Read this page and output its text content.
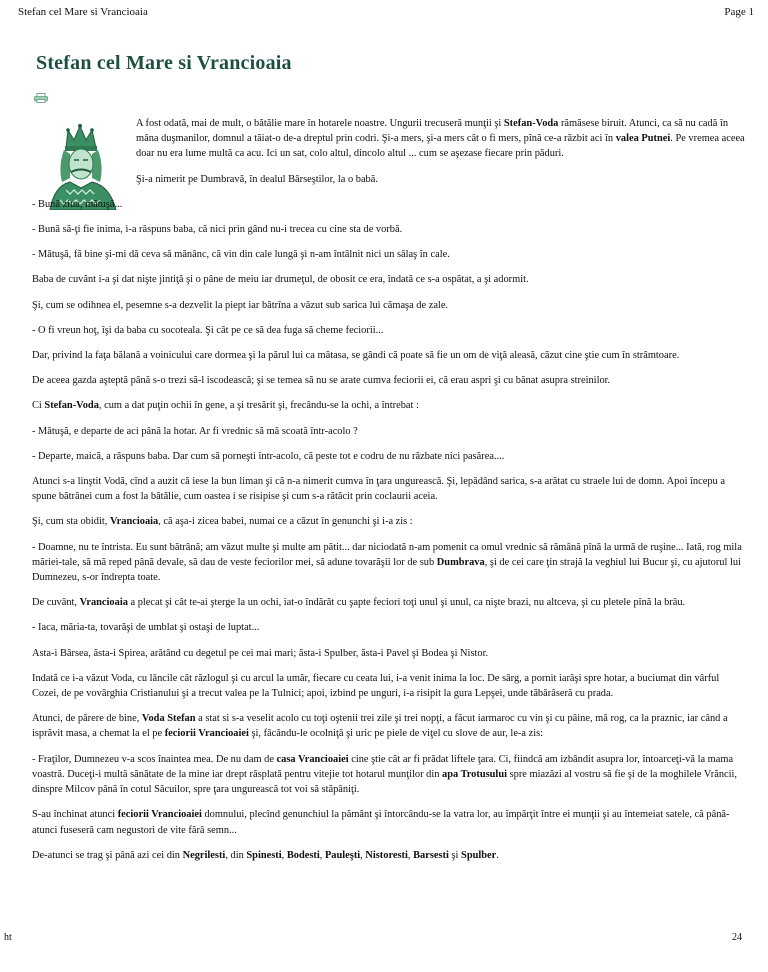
Stefan cel Mare si Vrancioaia	Page 1
Stefan cel Mare si Vrancioaia

A fost odată, mai de mult, o bătălie mare în hotarele noastre. Ungurii trecuseră munţii şi Stefan-Voda rămăsese biruit. Atunci, ca să nu cadă în mâna duşmanilor, domnul a tăiat-o de-a dreptul prin codri. Şi-a mers, şi-a mers cât o fi mers, pînă ce-a răzbit aci în valea Putnei. Pe vremea aceea doar nu era lume multă ca acu. Ici un sat, colo altul, dincolo altul ... cum se aşezase fiecare prin păduri.

Şi-a nimerit pe Dumbravă, în dealul Bârseştilor, la o babă.

- Bună ziua, mătuşă...

- Bună să-ţi fie inima, i-a răspuns baba, că nici prin gând nu-i trecea cu cine sta de vorbă.

- Mătuşă, fă bine şi-mi dă ceva să mănânc, că vin din cale lungă şi n-am întâlnit nici un sălaş în cale.

Baba de cuvânt i-a şi dat nişte jintiţă şi o pâne de meiu iar drumeţul, de obosit ce era, îndată ce s-a ospătat, a şi adormit.

Şi, cum se odihnea el, pesemne s-a dezvelit la piept iar bătrîna a văzut sub sarica lui cămaşa de zale.

- O fi vreun hoţ, îşi da baba cu socoteala. Şi cât pe ce să dea fuga să cheme feciorii...

Dar, privind la faţa bălană a voinicului care dormea şi la părul lui ca mătasa, se gândi că poate să fie un om de viţă aleasă, căzut cine ştie cum în strâmtoare.

De aceea gazda aşteptă până s-o trezi să-l iscodească; şi se temea să nu se arate cumva feciorii ei, că erau aspri şi cu bănat asupra streinilor.

Ci Stefan-Voda, cum a dat puţin ochii în gene, a şi tresărit şi, frecându-se la ochi, a întrebat :

- Mătuşă, e departe de aci până la hotar. Ar fi vrednic să mă scoată într-acolo ?

- Departe, maică, a răspuns baba. Dar cum să porneşti într-acolo, că peste tot e codru de nu răzbate nici pasărea....

Atunci s-a linştit Vodă, cînd a auzit că iese la bun liman şi că n-a nimerit cumva în ţara ungurească. Şi, lepădând sarica, s-a arătat cu straele lui de domn. Apoi începu a spune bătrânei cum a fost la bătălie, cum oastea i se risipise şi cum s-a rătăcit prin coclaurii aceia.

Şi, cum sta obidit, Vrancioaia, că aşa-i zicea babei, numai ce a căzut în genunchi şi i-a zis :

- Doamne, nu te întrista. Eu sunt bătrână; am văzut multe şi multe am pătit... dar niciodată n-am pomenit ca omul vrednic să rămână pînă la urmă de ruşine... Iată, rog mila măriei-tale, să mă reped până devale, să dau de veste feciorilor mei, să adune tovarăşii lor de sub Dumbrava, şi de cei care ţin strajă la veghiul lui Bucur şi, cu ajutorul lui Dumnezeu, s-or îndrepta toate.

De cuvânt, Vrancioaia a plecat şi cât te-ai şterge la un ochi, iat-o îndărăt cu şapte feciori toţi unul şi unul, ca nişte brazi, nu altceva, şi cu pletele pînă la brâu.

- Iaca, măria-ta, tovarăşi de umblat şi ostaşi de luptat...

Asta-i Bârsea, ăsta-i Spirea, arătând cu degetul pe cei mai mari; ăsta-i Spulber, ăsta-i Pavel şi Bodea şi Nistor.

Indată ce i-a văzut Voda, cu lăncile cât răzlogul şi cu arcul la umăr, fiecare cu ceata lui, i-a venit inima la loc. De sârg, a pornit iarăşi spre hotar, a buciumat din vârful Cozei, de pe vovârghia Cristianului şi a trecut valea pe la Tulnici; apoi, izbind pe unguri, i-a risipit la gura Lepşei, unde tăbărâseră cu prada.

Atunci, de părere de bine, Voda Stefan a stat si s-a veselit acolo cu toţi oştenii trei zile şi trei nopţi, a făcut iarmaroc cu vin şi cu pâine, mă rog, ca la praznic, iar când a isprăvit masa, a chemat la el pe feciorii Vrancioaiei şi, făcându-le ocolniţă şi uric pe piele de viţel cu slove de aur, le-a zis:

- Fraţilor, Dumnezeu v-a scos înaintea mea. De nu dam de casa Vrancioaiei cine ştie cât ar fi prădat liftele ţara. Ci, fiindcă am izbândit asupra lor, întoarceţi-vă la mama voastră. Duceţi-i multă sănătate de la mine iar drept răsplată pentru vitejie tot hotarul munţilor din apa Trotusului spre miazăzi al vostru să fie şi de la moghilele Vrăncii, dinspre Milcov până în cotul Săcuilor, spre ţara ungurească tot voi să stăpâniţi.

S-au închinat atunci feciorii Vrancioaiei domnului, plecînd genunchiul la pământ şi întorcându-se la vatra lor, au împărţit între ei munţii şi au întemeiat satele, că până-atunci fuseseră cam negustori de vite fără semn...

De-atunci se trag şi până azi cei din Negrilesti, din Spinesti, Bodesti, Pauleşti, Nistoresti, Barsesti şi Spulber.

ht	24
